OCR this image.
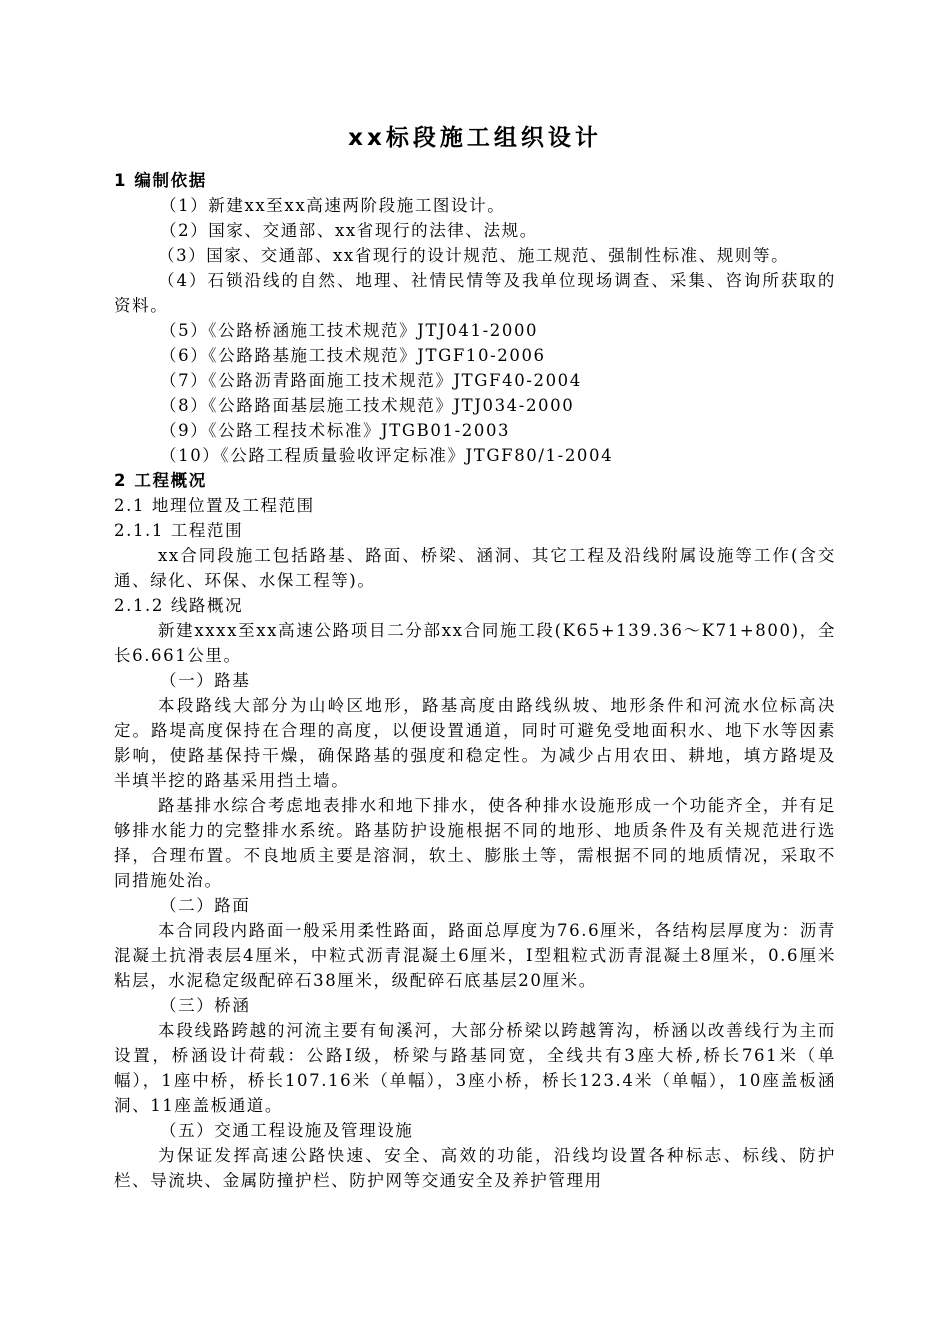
xx标段施工组织设计
1 编制依据
（1）新建xx至xx高速两阶段施工图设计。
（2）国家、交通部、xx省现行的法律、法规。
（3）国家、交通部、xx省现行的设计规范、施工规范、强制性标准、规则等。
（4）石锁沿线的自然、地理、社情民情等及我单位现场调查、采集、咨询所获取的资料。
（5）《公路桥涵施工技术规范》JTJ041-2000
（6）《公路路基施工技术规范》JTGF10-2006
（7）《公路沥青路面施工技术规范》JTGF40-2004
（8）《公路路面基层施工技术规范》JTJ034-2000
（9）《公路工程技术标准》JTGB01-2003
（10）《公路工程质量验收评定标准》JTGF80/1-2004
2 工程概况
2.1 地理位置及工程范围
2.1.1 工程范围
xx合同段施工包括路基、路面、桥梁、涵洞、其它工程及沿线附属设施等工作(含交通、绿化、环保、水保工程等)。
2.1.2 线路概况
新建xxxx至xx高速公路项目二分部xx合同施工段(K65+139.36～K71+800)，全长6.661公里。
（一）路基
本段路线大部分为山岭区地形，路基高度由路线纵坡、地形条件和河流水位标高决定。路堤高度保持在合理的高度，以便设置通道，同时可避免受地面积水、地下水等因素影响，使路基保持干燥，确保路基的强度和稳定性。为减少占用农田、耕地，填方路堤及半填半挖的路基采用挡土墙。
路基排水综合考虑地表排水和地下排水，使各种排水设施形成一个功能齐全，并有足够排水能力的完整排水系统。路基防护设施根据不同的地形、地质条件及有关规范进行选择，合理布置。不良地质主要是溶洞，软土、膨胀土等，需根据不同的地质情况，采取不同措施处治。
（二）路面
本合同段内路面一般采用柔性路面，路面总厚度为76.6厘米，各结构层厚度为：沥青混凝土抗滑表层4厘米，中粒式沥青混凝土6厘米，Ⅰ型粗粒式沥青混凝土8厘米，0.6厘米粘层，水泥稳定级配碎石38厘米，级配碎石底基层20厘米。
（三）桥涵
本段线路跨越的河流主要有甸溪河，大部分桥梁以跨越箐沟，桥涵以改善线行为主而设置，桥涵设计荷载：公路Ⅰ级，桥梁与路基同宽，全线共有3座大桥,桥长761米（单幅），1座中桥，桥长107.16米（单幅），3座小桥，桥长123.4米（单幅），10座盖板涵洞、11座盖板通道。
（五）交通工程设施及管理设施
为保证发挥高速公路快速、安全、高效的功能，沿线均设置各种标志、标线、防护栏、导流块、金属防撞护栏、防护网等交通安全及养护管理用
